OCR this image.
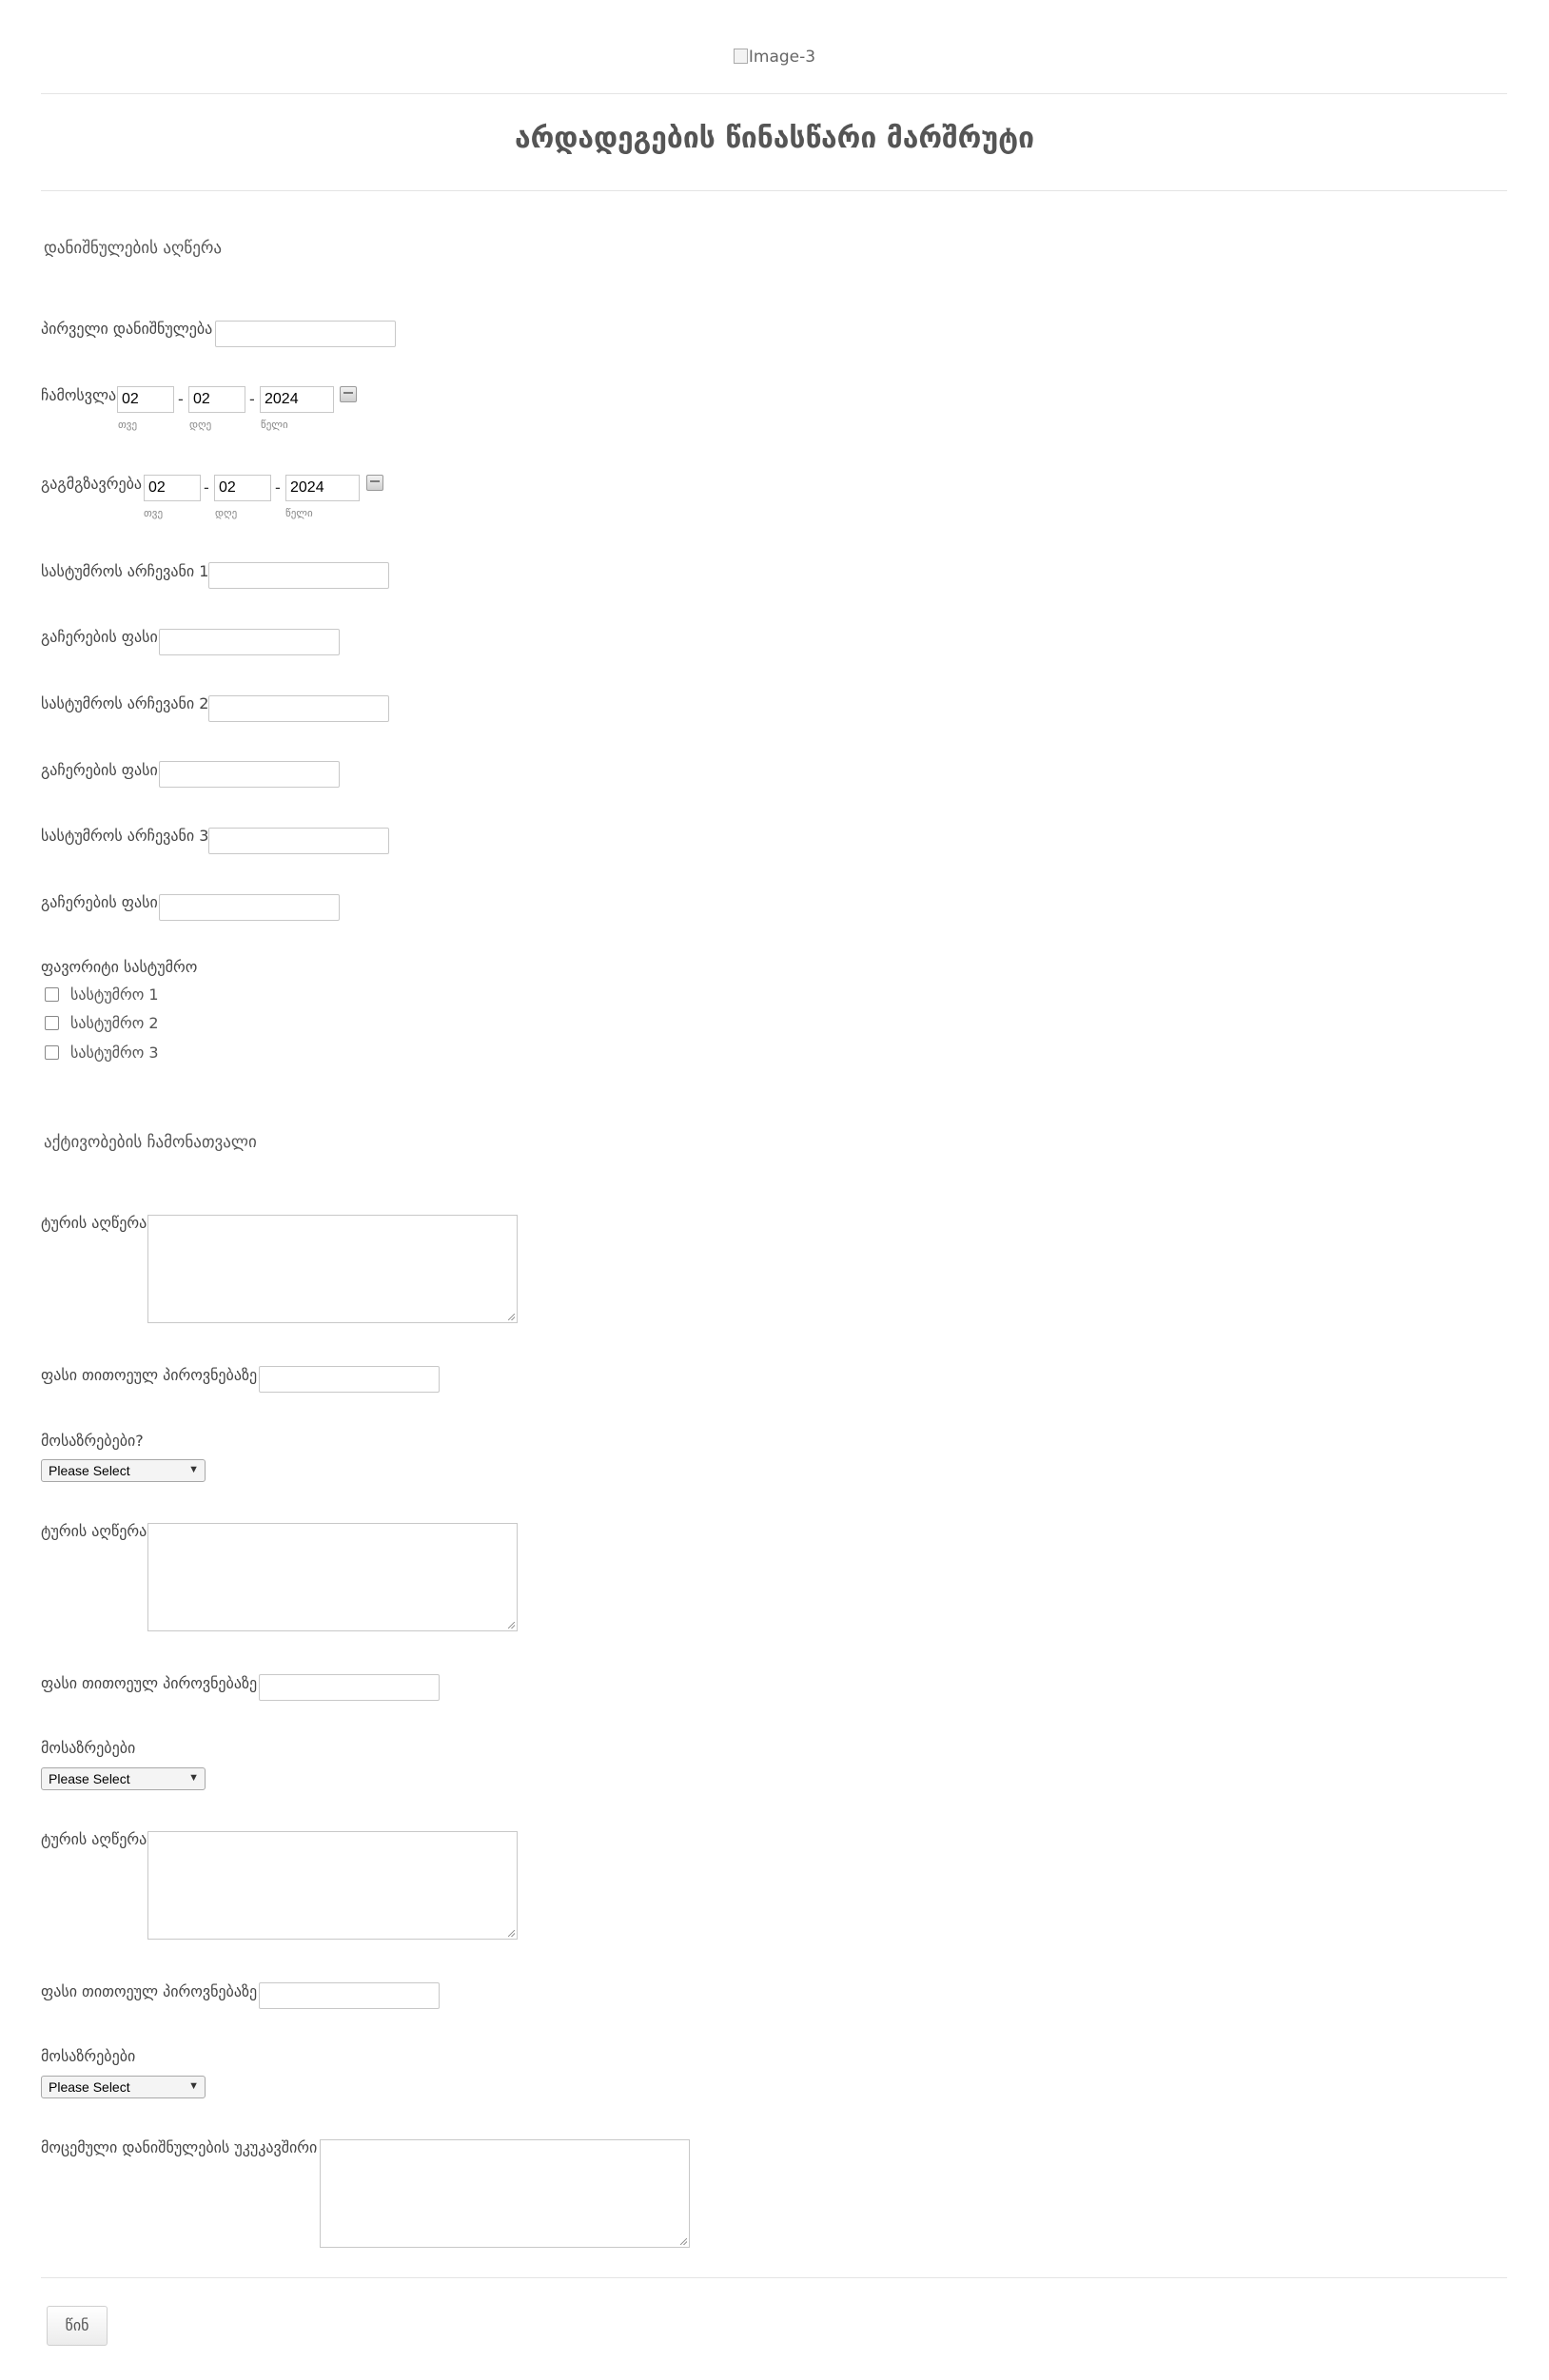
Image-3
არდადეგების წინასწარი მარშრუტი
დანიშნულების აღწერა
პირველი დანიშნულება
ჩამოსვლა 02	- 02	- 2024
თვე	დღე	წელი
გაგმგზავრება 02	- 02	- 2024
თვე	დღე	წელი
სასტუმროს არჩევანი 1
გაჩერების ფასი
სასტუმროს არჩევანი 2
გაჩერების ფასი
სასტუმროს არჩევანი 3
გაჩერების ფასი
ფავორიტი სასტუმრო
სასტუმრო 1
სასტუმრო 2
სასტუმრო 3
აქტივობების ჩამონათვალი
ტურის აღწერა
ფასი თითოეულ პიროვნებაზე
მოსაზრებები?
Please Select	▼
ტურის აღწერა
ფასი თითოეულ პიროვნებაზე
მოსაზრებები
Please Select	▼
ტურის აღწერა
ფასი თითოეულ პიროვნებაზე
მოსაზრებები
Please Select	▼
მოცემული დანიშნულების უკუკავშირი
წინ
